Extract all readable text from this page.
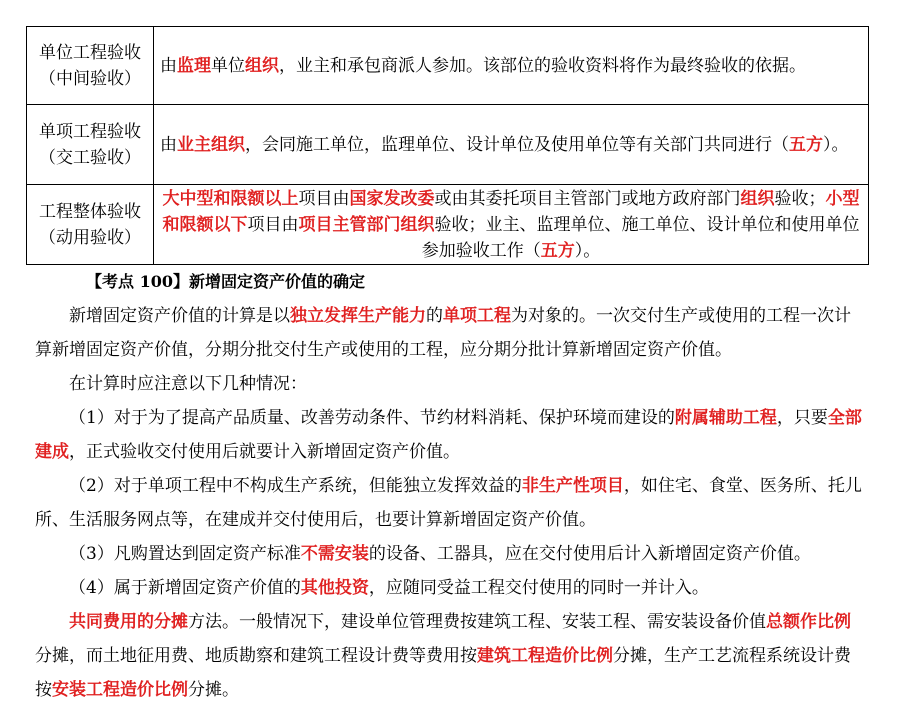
单位工程验收（中间验收）	由监理单位组织，业主和承包商派人参加。该部位的验收资料将作为最终验收的依据。
单项工程验收（交工验收）	由业主组织，会同施工单位，监理单位、设计单位及使用单位等有关部门共同进行（五方）。
工程整体验收（动用验收）	大中型和限额以上项目由国家发改委或由其委托项目主管部门或地方政府部门组织验收；小型和限额以下项目由项目主管部门组织验收；业主、监理单位、施工单位、设计单位和使用单位参加验收工作（五方）。
【考点 100】新增固定资产价值的确定

新增固定资产价值的计算是以独立发挥生产能力的单项工程为对象的。一次交付生产或使用的工程一次计算新增固定资产价值，分期分批交付生产或使用的工程，应分期分批计算新增固定资产价值。

在计算时应注意以下几种情况：

（1）对于为了提高产品质量、改善劳动条件、节约材料消耗、保护环境而建设的附属辅助工程，只要全部建成，正式验收交付使用后就要计入新增固定资产价值。

（2）对于单项工程中不构成生产系统，但能独立发挥效益的非生产性项目，如住宅、食堂、医务所、托儿所、生活服务网点等，在建成并交付使用后，也要计算新增固定资产价值。

（3）凡购置达到固定资产标准不需安装的设备、工器具，应在交付使用后计入新增固定资产价值。

（4）属于新增固定资产价值的其他投资，应随同受益工程交付使用的同时一并计入。

共同费用的分摊方法。一般情况下，建设单位管理费按建筑工程、安装工程、需安装设备价值总额作比例分摊，而土地征用费、地质勘察和建筑工程设计费等费用按建筑工程造价比例分摊，生产工艺流程系统设计费按安装工程造价比例分摊。
